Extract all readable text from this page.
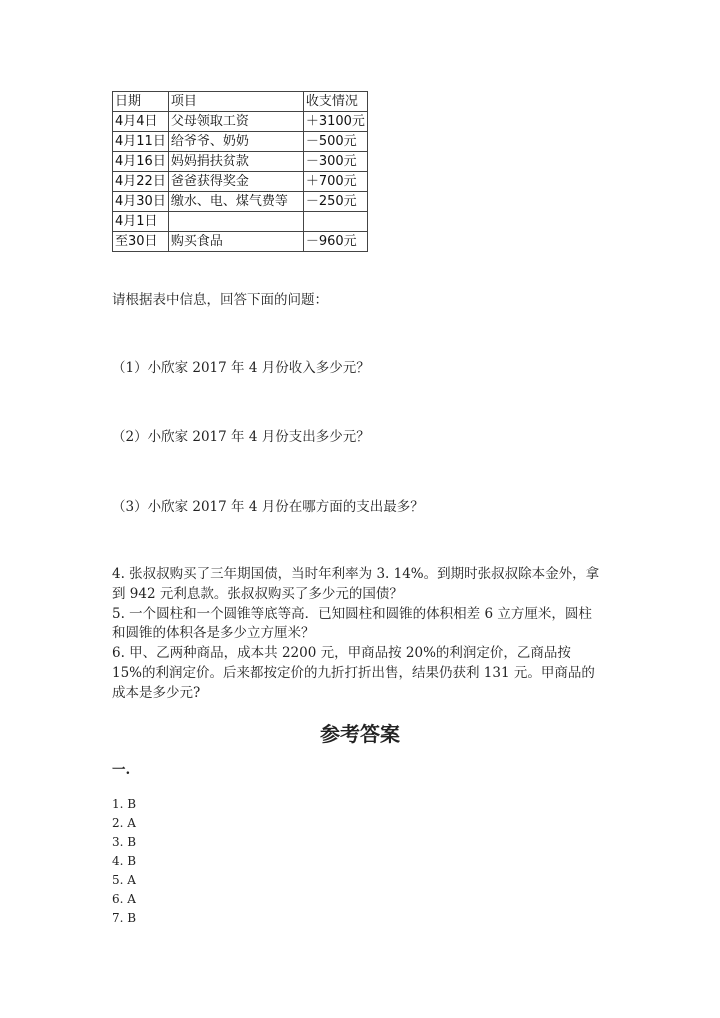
日期	项目	收支情况
4月4日	父母领取工资	＋3100元
4月11日	给爷爷、奶奶	－500元
4月16日	妈妈捐扶贫款	－300元
4月22日	爸爸获得奖金	＋700元
4月30日	缴水、电、煤气费等	－250元
4月1日		
至30日	购买食品	－960元
请根据表中信息，回答下面的问题：
（1）小欣家 2017 年 4 月份收入多少元？
（2）小欣家 2017 年 4 月份支出多少元？
（3）小欣家 2017 年 4 月份在哪方面的支出最多？
4. 张叔叔购买了三年期国债，当时年利率为 3. 14%。到期时张叔叔除本金外，拿到 942 元利息款。张叔叔购买了多少元的国债？
5. 一个圆柱和一个圆锥等底等高．已知圆柱和圆锥的体积相差 6 立方厘米，圆柱和圆锥的体积各是多少立方厘米？
6. 甲、乙两种商品，成本共 2200 元，甲商品按 20%的利润定价，乙商品按 15%的利润定价。后来都按定价的九折打折出售，结果仍获利 131 元。甲商品的成本是多少元?
参考答案
一.
1. B
2. A
3. B
4. B
5. A
6. A
7. B
